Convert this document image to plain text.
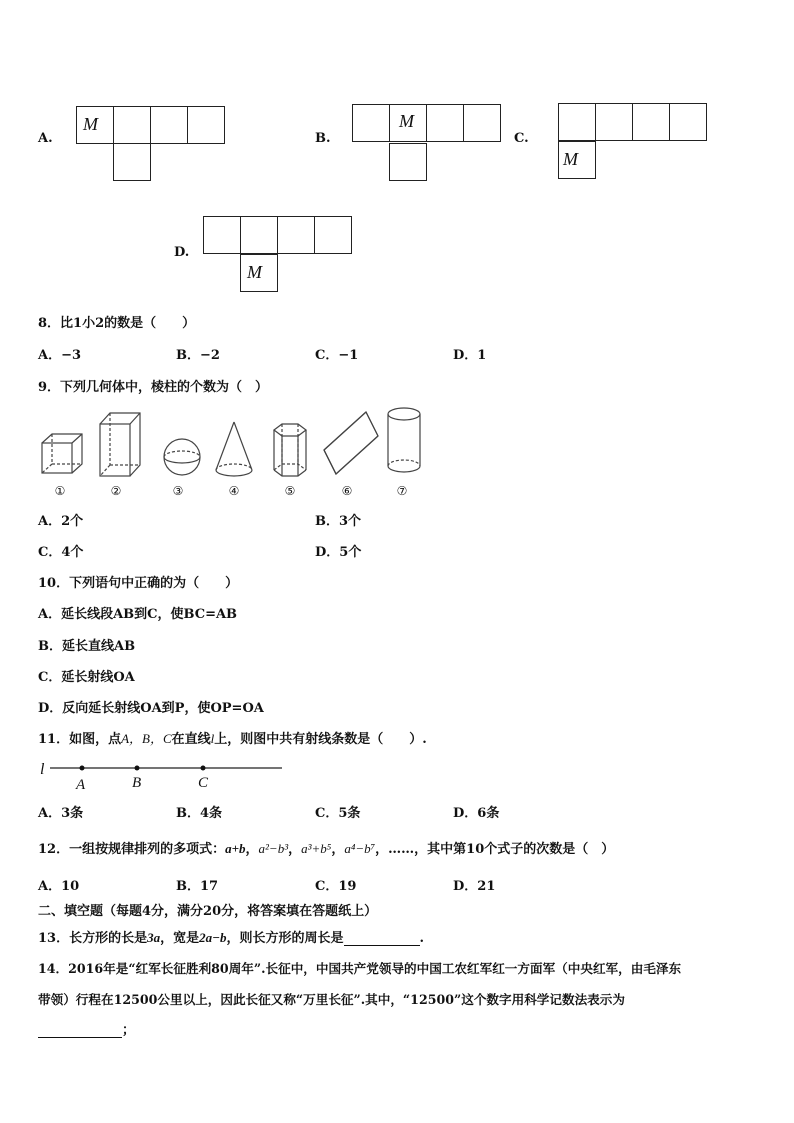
A.
M
B.
M
C.
M
D.
M
8．比1小2的数是（　　）
A．−3	B．−2	C．−1	D．1
9．下列几何体中，棱柱的个数为（　）
①	②	③	④	⑤	⑥	⑦
A．2个	B．3个
C．4个	D．5个
10．下列语句中正确的为（　　）
A．延长线段AB到C，使BC=AB
B．延长直线AB
C．延长射线OA
D．反向延长射线OA到P，使OP=OA
11．如图，点A，B，C在直线l上，则图中共有射线条数是（　　）.
l
A	B	C
A．3条	B．4条	C．5条	D．6条
12．一组按规律排列的多项式：a+b，a²−b³，a³+b⁵，a⁴−b⁷，……，其中第10个式子的次数是（　）
A．10	B．17	C．19	D．21
二、填空题（每题4分，满分20分，将答案填在答题纸上）
13．长方形的长是3a，宽是2a−b，则长方形的周长是	.
14．2016年是“红军长征胜利80周年”.长征中，中国共产党领导的中国工农红军红一方面军（中央红军，由毛泽东
带领）行程在12500公里以上，因此长征又称“万里长征”.其中，“12500”这个数字用科学记数法表示为
；
